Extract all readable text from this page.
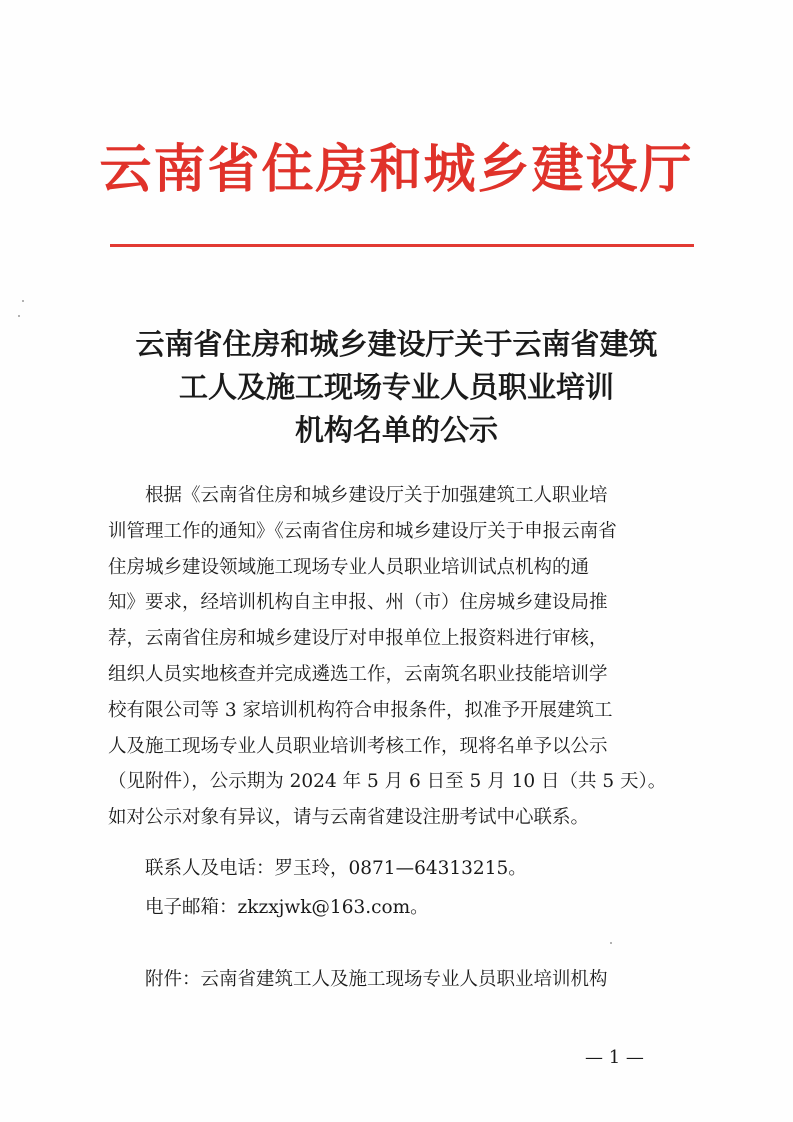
云南省住房和城乡建设厅
云南省住房和城乡建设厅关于云南省建筑
工人及施工现场专业人员职业培训
机构名单的公示
根据《云南省住房和城乡建设厅关于加强建筑工人职业培
训管理工作的通知》《云南省住房和城乡建设厅关于申报云南省
住房城乡建设领域施工现场专业人员职业培训试点机构的通
知》要求，经培训机构自主申报、州（市）住房城乡建设局推
荐，云南省住房和城乡建设厅对申报单位上报资料进行审核，
组织人员实地核查并完成遴选工作，云南筑名职业技能培训学
校有限公司等 3 家培训机构符合申报条件，拟准予开展建筑工
人及施工现场专业人员职业培训考核工作，现将名单予以公示
（见附件），公示期为 2024 年 5 月 6 日至 5 月 10 日（共 5 天）。
如对公示对象有异议，请与云南省建设注册考试中心联系。
联系人及电话：罗玉玲，0871—64313215。
电子邮箱：zkzxjwk@163.com。
附件：云南省建筑工人及施工现场专业人员职业培训机构
— 1 —
